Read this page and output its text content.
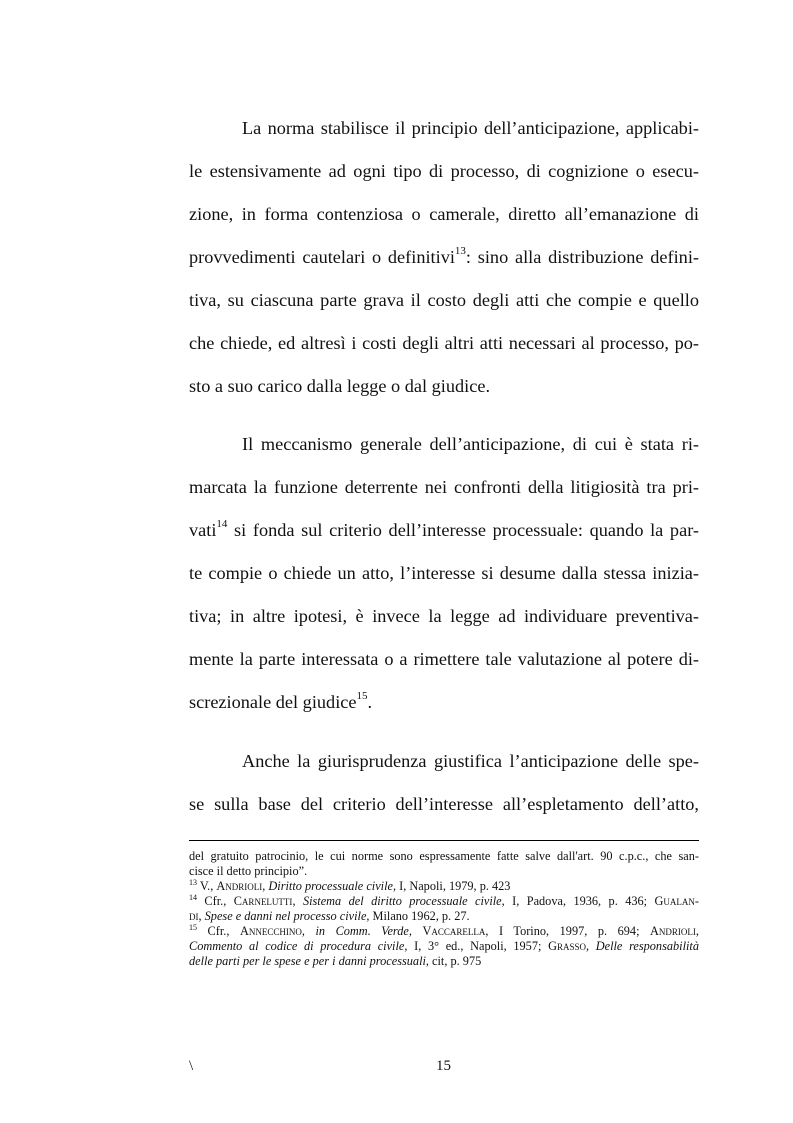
La norma stabilisce il principio dell’anticipazione, applicabi-
le estensivamente ad ogni tipo di processo, di cognizione o esecu-
zione, in forma contenziosa o camerale, diretto all’emanazione di
provvedimenti cautelari o definitivi$^{13}$: sino alla distribuzione defini-
tiva, su ciascuna parte grava il costo degli atti che compie e quello
che chiede, ed altresì i costi degli altri atti necessari al processo, po-
sto a suo carico dalla legge o dal giudice.
Il meccanismo generale dell’anticipazione, di cui è stata ri-
marcata la funzione deterrente nei confronti della litigiosità tra pri-
vati$^{14}$ si fonda sul criterio dell’interesse processuale: quando la par-
te compie o chiede un atto, l’interesse si desume dalla stessa inizia-
tiva; in altre ipotesi, è invece la legge ad individuare preventiva-
mente la parte interessata o a rimettere tale valutazione al potere di-
screzionale del giudice$^{15}$.
Anche la giurisprudenza giustifica l’anticipazione delle spe-
se sulla base del criterio dell’interesse all’espletamento dell’atto,
del gratuito patrocinio, le cui norme sono espressamente fatte salve dall'art. 90 c.p.c., che san-
cisce il detto principio”.
$^{13}$ V., Andrioli, Diritto processuale civile, I, Napoli, 1979, p. 423
$^{14}$ Cfr., Carnelutti, Sistema del diritto processuale civile, I, Padova, 1936, p. 436; Gualan-
di, Spese e danni nel processo civile, Milano 1962, p. 27.
$^{15}$ Cfr., Annecchino, in Comm. Verde, Vaccarella, I Torino, 1997, p. 694; Andrioli,
Commento al codice di procedura civile, I, 3° ed., Napoli, 1957; Grasso, Delle responsabilità
delle parti per le spese e per i danni processuali, cit, p. 975
\	15
